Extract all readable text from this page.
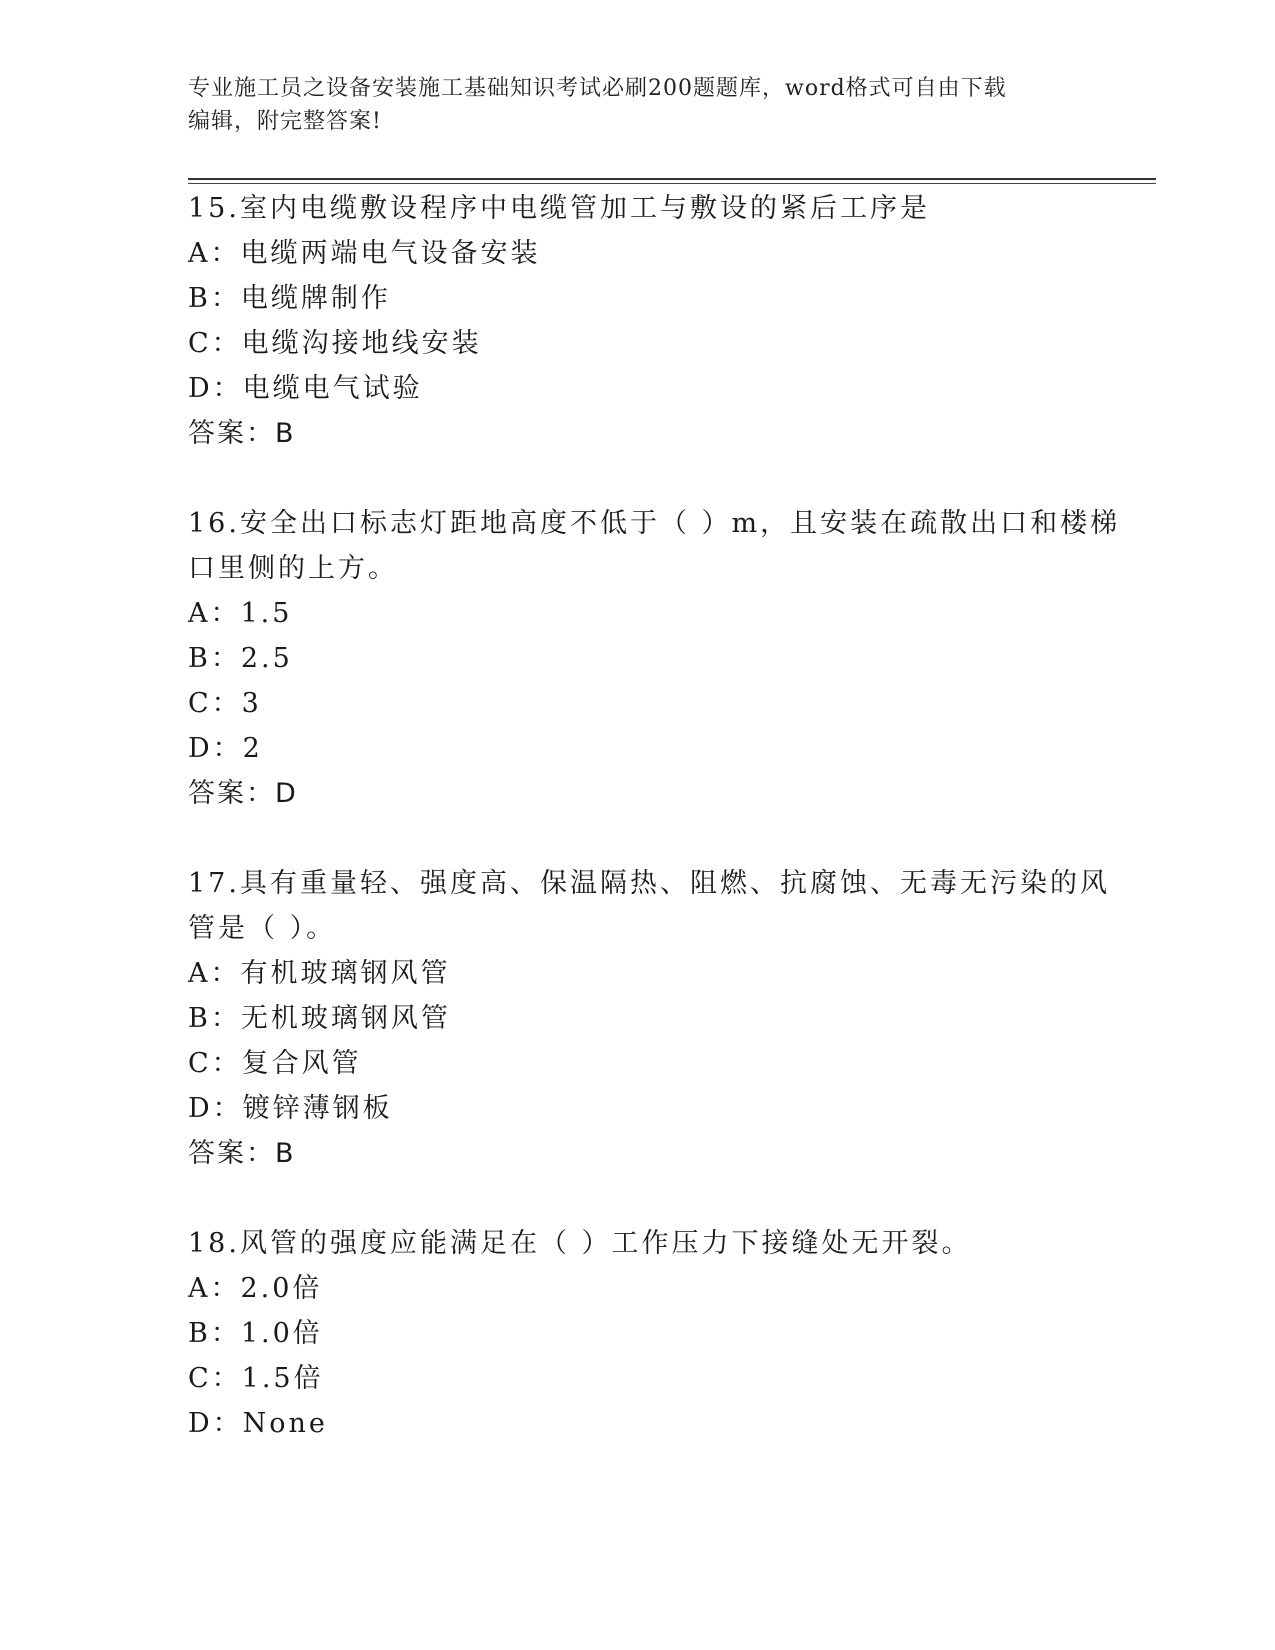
专业施工员之设备安装施工基础知识考试必刷200题题库，word格式可自由下载
编辑，附完整答案!
15.室内电缆敷设程序中电缆管加工与敷设的紧后工序是
A：电缆两端电气设备安装
B：电缆牌制作
C：电缆沟接地线安装
D：电缆电气试验
答案：B
16.安全出口标志灯距地高度不低于（ ）m，且安装在疏散出口和楼梯
口里侧的上方。
A：1.5
B：2.5
C：3
D：2
答案：D
17.具有重量轻、强度高、保温隔热、阻燃、抗腐蚀、无毒无污染的风
管是（ ）。
A：有机玻璃钢风管
B：无机玻璃钢风管
C：复合风管
D：镀锌薄钢板
答案：B
18.风管的强度应能满足在（ ）工作压力下接缝处无开裂。
A：2.0倍
B：1.0倍
C：1.5倍
D：None
